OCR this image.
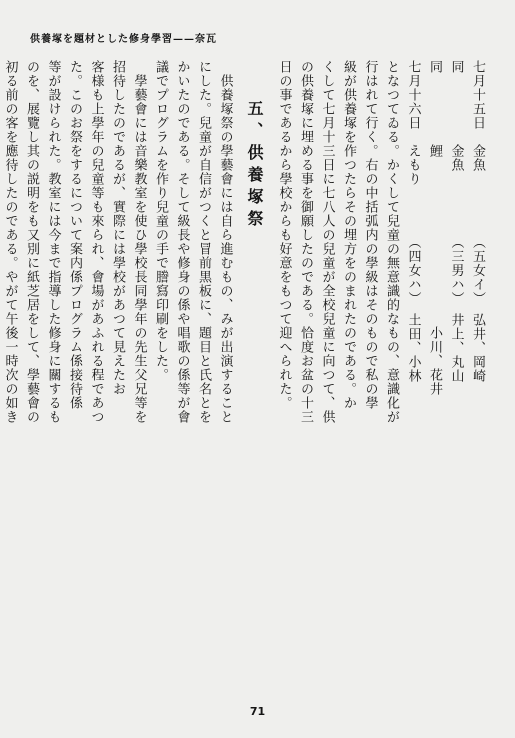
供養塚を題材とした修身學習——奈瓦
七月十五日　金魚　　　　　（五女イ）　弘井、岡崎
同　　　　　金魚　　　　　（三男ハ）　井上、丸山
同　　　　　鯉　　　　　　　　　　　　小川、花井
七月十六日　えもり　　　　（四女ハ）　土田、小林
となつてゐる。かくして兒童の無意識的なもの、意識化が
行はれて行く。右の中括弧内の學級はそのもので私の學
級が供養塚を作つたらその埋方をのまれたのである。か
くして七月十三日に七八人の兒童が全校兒童に向つて、供
の供養塚に埋める事を御願したのである。恰度お盆の十三
日の事であるから學校からも好意をもつて迎へられた。
五、供養塚祭
　供養塚祭の學藝會には自ら進むもの、みが出演すること
にした。兒童が自信がつくと冒前黒板に、題目と氏名とを
かいたのである。そして級長や修身の係や唱歌の係等が會
議でプログラムを作り兒童の手で謄寫印刷をした。
　學藝會には音樂教室を使ひ學校長同學年の先生父兄等を
招待したのであるが、實際には學校があつて見えたお
客様も上學年の兒童等も來られ、會場があふれる程であつ
た。このお祭をするについて案内係プログラム係接待係
等が設けられた。教室には今まで指導した修身に關するも
のを、展覽し其の説明をも又別に紙芝居をして、學藝會の
初る前の客を應待したのである。やがて午後一時次の如き
71
